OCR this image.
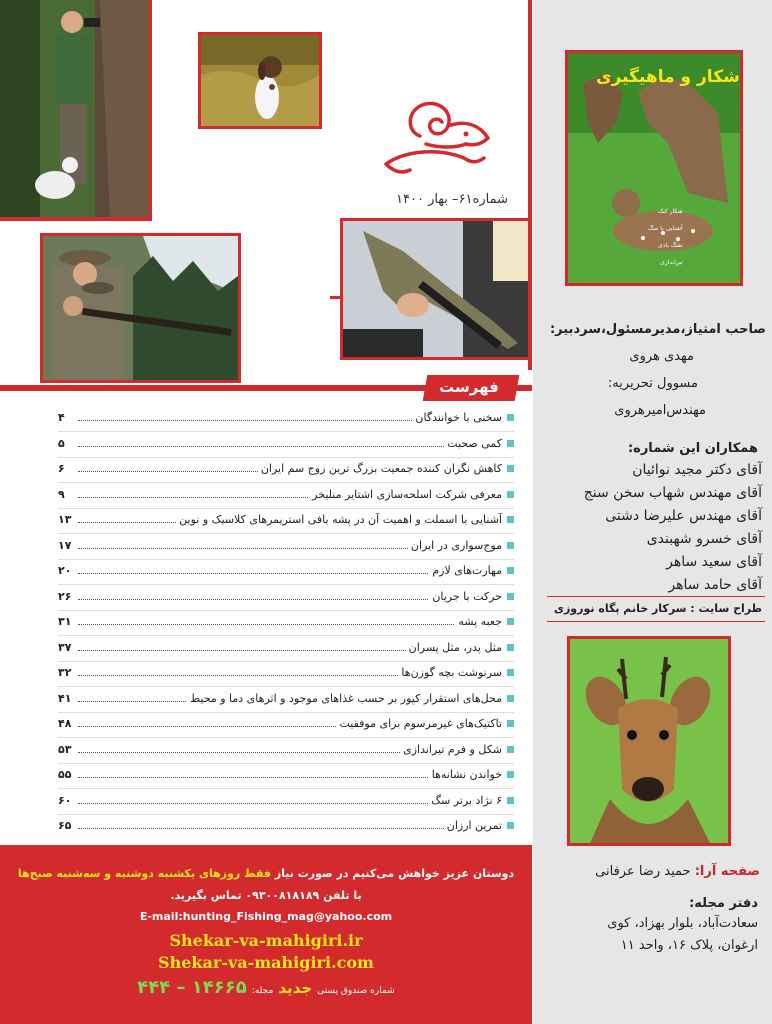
شماره۶۱– بهار ۱۴۰۰
فهرست
سخنی با خوانندگان
۴
کمی صحبت
۵
کاهش نگران کننده جمعیت بزرگ ترین زوج سم ایران
۶
معرفی شرکت اسلحه‌سازی اشتایر منلیخر
۹
آشنایی با اسملت و اهمیت آن در پشه بافی استریمرهای کلاسیک و نوین
۱۳
موج‌سواری در ایران
۱۷
مهارت‌های لازم
۲۰
حرکت با جریان
۲۶
جعبه پشه
۳۱
مثل پدر، مثل پسران
۳۷
سرنوشت بچه گوزن‌ها
۳۲
محل‌های استقرار کپور بر حسب غذاهای موجود و اثرهای دما و محیط
۴۱
تاکتیک‌های غیرمرسوم برای موفقیت
۴۸
شکل و فرم تیراندازی
۵۳
خواندن نشانه‌ها
۵۵
۶ نژاد برتر سگ
۶۰
تمرین ارزان
۶۵
دوستان عزیز خواهش می‌کنیم در صورت نیاز فقط روزهای یکشنبه دوشنبه و سه‌شنبه صبح‌ها
با تلفن ۰۹۳۰۰۸۱۸۱۸۹ تماس بگیرید.
E-mail:hunting_Fishing_mag@yahoo.com
Shekar-va-mahigiri.ir
Shekar-va-mahigiri.com
شماره صندوق پستی جدید مجله: ۱۴۶۶۵ – ۴۴۴
شکار و ماهیگیری
شکار کبک
آشنایی با سگ
تفنگ بادی
تیراندازی
صاحب امتیاز،مدیرمسئول،سردبیر:
مهدی هروی
مسوول تحریریه:
مهندس‌امیرهروی
همکاران این شماره:
آقای دکتر مجید نوائیان
آقای مهندس شهاب سخن سنج
آقای مهندس علیرضا دشتی
آقای خسرو شهبندی
آقای سعید ساهر
آقای حامد ساهر
طراح سایت : سرکار خانم پگاه نوروزی
صفحه آرا: حمید رضا عرفانی
دفتر مجله:
سعادت‌آباد، بلوار بهزاد، کوی
ارغوان، پلاک ۱۶، واحد ۱۱
